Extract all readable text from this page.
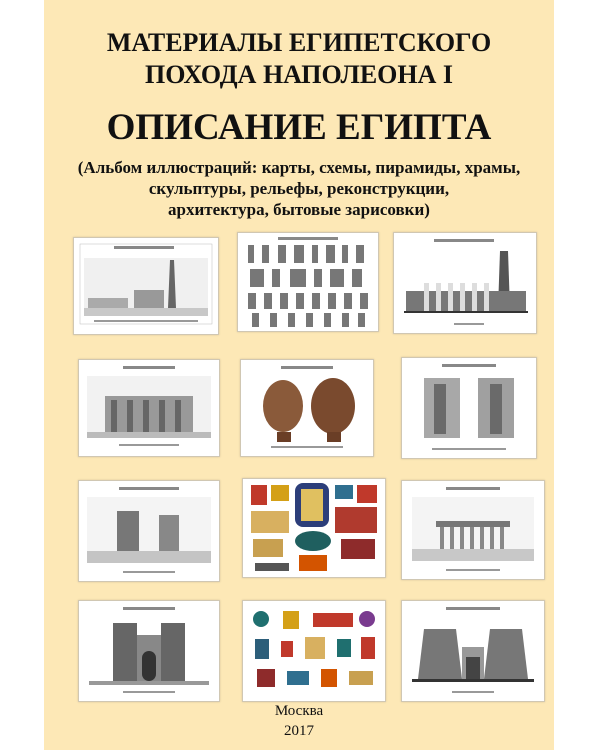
МАТЕРИАЛЫ ЕГИПЕТСКОГО
ПОХОДА НАПОЛЕОНА I
ОПИСАНИЕ ЕГИПТА
(Альбом иллюстраций: карты, схемы, пирамиды, храмы,
скульптуры, рельефы, реконструкции,
архитектура, бытовые зарисовки)
Москва
2017
